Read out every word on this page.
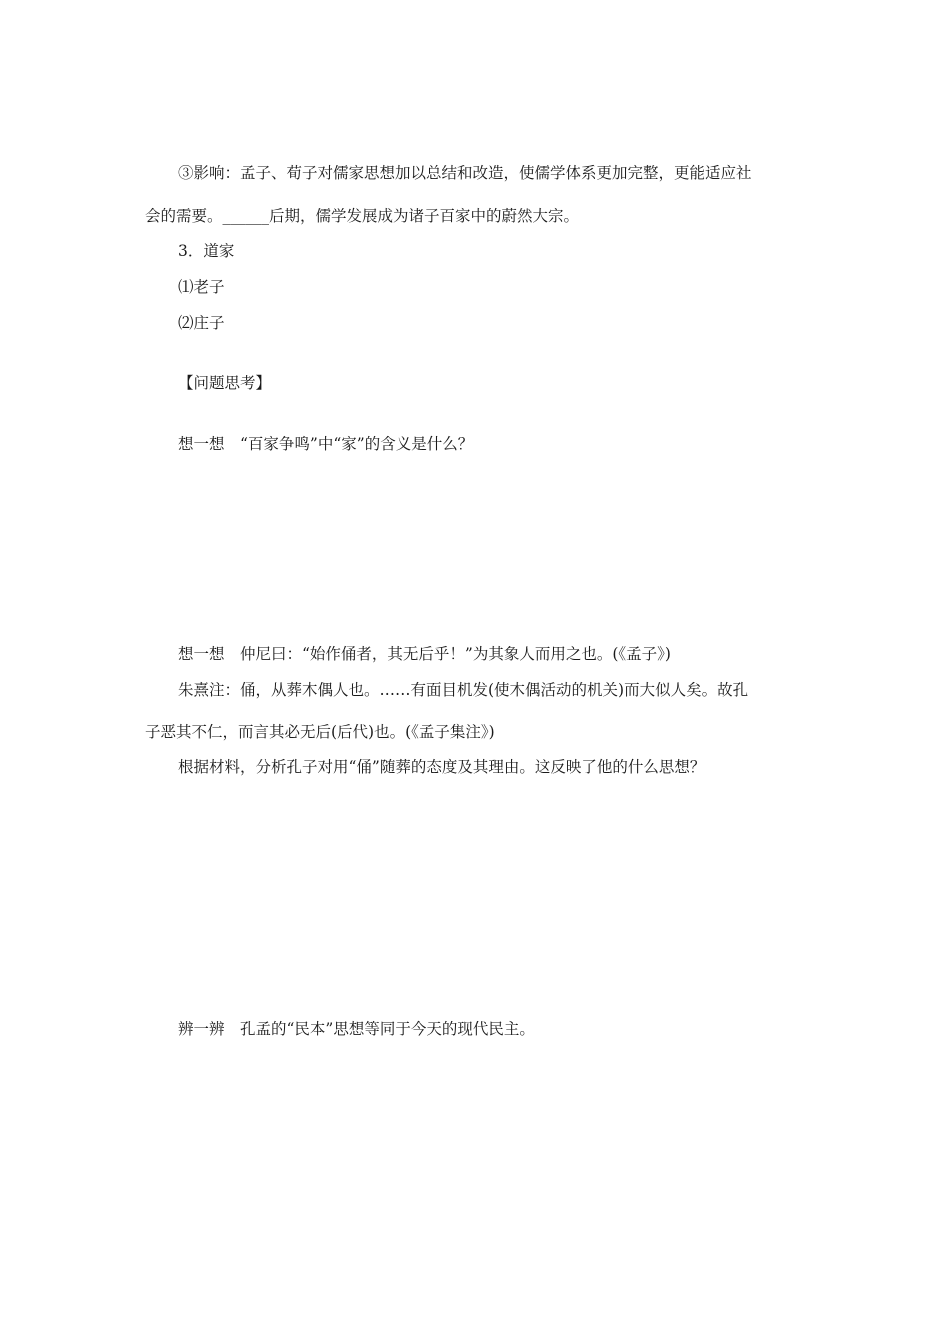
③影响：孟子、荀子对儒家思想加以总结和改造，使儒学体系更加完整，更能适应社
会的需要。______后期，儒学发展成为诸子百家中的蔚然大宗。
3．道家
⑴老子
⑵庄子
【问题思考】
想一想　“百家争鸣”中“家”的含义是什么？
想一想　仲尼曰：“始作俑者，其无后乎！”为其象人而用之也。(《孟子》)
朱熹注：俑，从葬木偶人也。……有面目机发(使木偶活动的机关)而大似人矣。故孔
子恶其不仁，而言其必无后(后代)也。(《孟子集注》)
根据材料，分析孔子对用“俑”随葬的态度及其理由。这反映了他的什么思想？
辨一辨　孔孟的“民本”思想等同于今天的现代民主。
